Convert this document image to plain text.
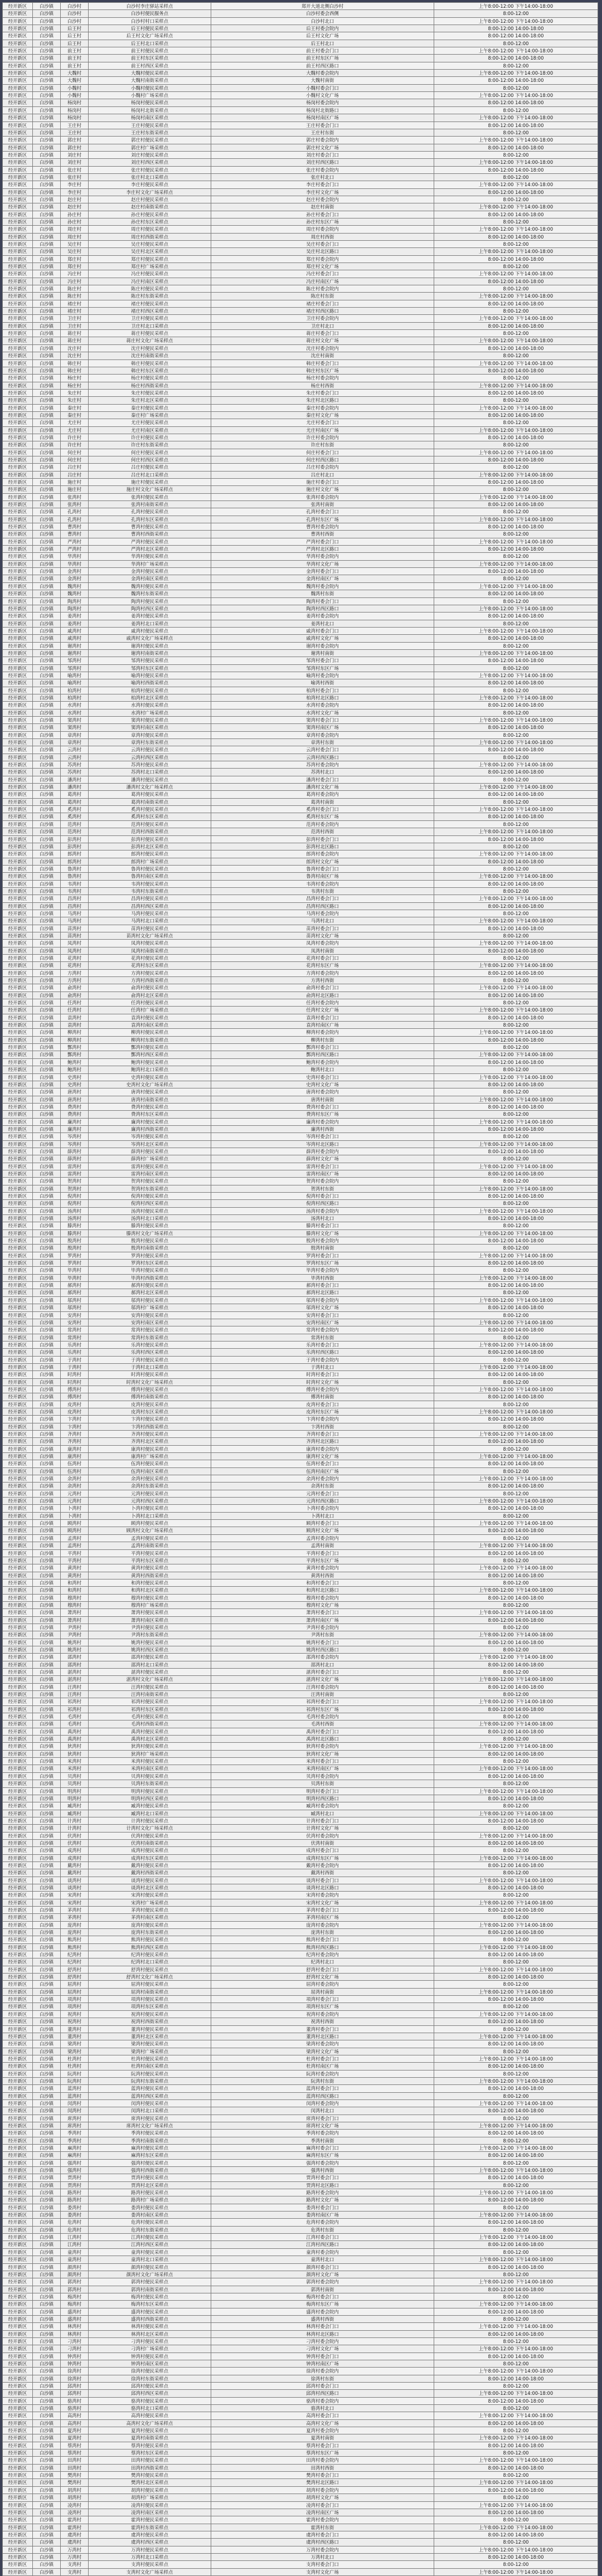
经开新区	白沙镇	白沙村	白沙村李庄驿站采样点	郑开大道北侧白沙村	上午8:00-12:00 下午14:00-18:00
经开新区	白沙镇	白沙村	白沙村便民服务点	白沙村委会西侧	8:00-12:00
经开新区	白沙镇	白沙村	白沙村村口采样点	白沙村北口	上午8:00-12:00 下午14:00-18:00
经开新区	白沙镇	后王村	后王村便民采样点	后王村委会院内	8:00-12:00 14:00-18:00
经开新区	白沙镇	后王村	后王村文化广场采样点	后王村文化广场	8:00-12:00 14:00-18:00
经开新区	白沙镇	后王村	后王村北口采样点	后王村北口	8:00-12:00
经开新区	白沙镇	前王村	前王村便民采样点	前王村委会门口	上午8:00-12:00 下午14:00-18:00
经开新区	白沙镇	前王村	前王村东区采样点	前王村东区广场	8:00-12:00 14:00-18:00
经开新区	白沙镇	前王村	前王村西区采样点	前王村西区路口	8:00-12:00
经开新区	白沙镇	大魏村	大魏村便民采样点	大魏村委会院内	上午8:00-12:00 下午14:00-18:00
经开新区	白沙镇	大魏村	大魏村南街采样点	大魏村南街	8:00-12:00 14:00-18:00
经开新区	白沙镇	小魏村	小魏村便民采样点	小魏村委会门口	8:00-12:00
经开新区	白沙镇	小魏村	小魏村广场采样点	小魏村文化广场	上午8:00-12:00 下午14:00-18:00
经开新区	白沙镇	杨岗村	杨岗村便民采样点	杨岗村委会院内	8:00-12:00 14:00-18:00
经开新区	白沙镇	杨岗村	杨岗村北街采样点	杨岗村北街路口	8:00-12:00
经开新区	白沙镇	杨岗村	杨岗村南区采样点	杨岗村南区广场	上午8:00-12:00 下午14:00-18:00
经开新区	白沙镇	王庄村	王庄村便民采样点	王庄村委会门口	8:00-12:00 14:00-18:00
经开新区	白沙镇	王庄村	王庄村东街采样点	王庄村东街	8:00-12:00
经开新区	白沙镇	郭庄村	郭庄村便民采样点	郭庄村委会院内	上午8:00-12:00 下午14:00-18:00
经开新区	白沙镇	郭庄村	郭庄村广场采样点	郭庄村文化广场	8:00-12:00 14:00-18:00
经开新区	白沙镇	刘庄村	刘庄村便民采样点	刘庄村委会门口	8:00-12:00
经开新区	白沙镇	刘庄村	刘庄村西区采样点	刘庄村西区路口	上午8:00-12:00 下午14:00-18:00
经开新区	白沙镇	张庄村	张庄村便民采样点	张庄村委会院内	8:00-12:00 14:00-18:00
经开新区	白沙镇	张庄村	张庄村北口采样点	张庄村北口	8:00-12:00
经开新区	白沙镇	李庄村	李庄村便民采样点	李庄村委会门口	上午8:00-12:00 下午14:00-18:00
经开新区	白沙镇	李庄村	李庄村文化广场采样点	李庄村文化广场	8:00-12:00 14:00-18:00
经开新区	白沙镇	赵庄村	赵庄村便民采样点	赵庄村委会院内	8:00-12:00
经开新区	白沙镇	赵庄村	赵庄村南街采样点	赵庄村南街	上午8:00-12:00 下午14:00-18:00
经开新区	白沙镇	孙庄村	孙庄村便民采样点	孙庄村委会门口	8:00-12:00 14:00-18:00
经开新区	白沙镇	孙庄村	孙庄村东区采样点	孙庄村东区广场	8:00-12:00
经开新区	白沙镇	周庄村	周庄村便民采样点	周庄村委会院内	上午8:00-12:00 下午14:00-18:00
经开新区	白沙镇	周庄村	周庄村西街采样点	周庄村西街	8:00-12:00 14:00-18:00
经开新区	白沙镇	吴庄村	吴庄村便民采样点	吴庄村委会门口	8:00-12:00
经开新区	白沙镇	吴庄村	吴庄村北区采样点	吴庄村北区路口	上午8:00-12:00 下午14:00-18:00
经开新区	白沙镇	郑庄村	郑庄村便民采样点	郑庄村委会院内	8:00-12:00 14:00-18:00
经开新区	白沙镇	郑庄村	郑庄村广场采样点	郑庄村文化广场	8:00-12:00
经开新区	白沙镇	冯庄村	冯庄村便民采样点	冯庄村委会门口	上午8:00-12:00 下午14:00-18:00
经开新区	白沙镇	冯庄村	冯庄村南区采样点	冯庄村南区广场	8:00-12:00 14:00-18:00
经开新区	白沙镇	陈庄村	陈庄村便民采样点	陈庄村委会院内	8:00-12:00
经开新区	白沙镇	陈庄村	陈庄村东街采样点	陈庄村东街	上午8:00-12:00 下午14:00-18:00
经开新区	白沙镇	褚庄村	褚庄村便民采样点	褚庄村委会门口	8:00-12:00 14:00-18:00
经开新区	白沙镇	褚庄村	褚庄村西区采样点	褚庄村西区路口	8:00-12:00
经开新区	白沙镇	卫庄村	卫庄村便民采样点	卫庄村委会院内	上午8:00-12:00 下午14:00-18:00
经开新区	白沙镇	卫庄村	卫庄村北口采样点	卫庄村北口	8:00-12:00 14:00-18:00
经开新区	白沙镇	蒋庄村	蒋庄村便民采样点	蒋庄村委会门口	8:00-12:00
经开新区	白沙镇	蒋庄村	蒋庄村文化广场采样点	蒋庄村文化广场	上午8:00-12:00 下午14:00-18:00
经开新区	白沙镇	沈庄村	沈庄村便民采样点	沈庄村委会院内	8:00-12:00 14:00-18:00
经开新区	白沙镇	沈庄村	沈庄村南街采样点	沈庄村南街	8:00-12:00
经开新区	白沙镇	韩庄村	韩庄村便民采样点	韩庄村委会门口	上午8:00-12:00 下午14:00-18:00
经开新区	白沙镇	韩庄村	韩庄村东区采样点	韩庄村东区广场	8:00-12:00 14:00-18:00
经开新区	白沙镇	杨庄村	杨庄村便民采样点	杨庄村委会院内	8:00-12:00
经开新区	白沙镇	杨庄村	杨庄村西街采样点	杨庄村西街	上午8:00-12:00 下午14:00-18:00
经开新区	白沙镇	朱庄村	朱庄村便民采样点	朱庄村委会门口	8:00-12:00 14:00-18:00
经开新区	白沙镇	朱庄村	朱庄村北区采样点	朱庄村北区路口	8:00-12:00
经开新区	白沙镇	秦庄村	秦庄村便民采样点	秦庄村委会院内	上午8:00-12:00 下午14:00-18:00
经开新区	白沙镇	秦庄村	秦庄村广场采样点	秦庄村文化广场	8:00-12:00 14:00-18:00
经开新区	白沙镇	尤庄村	尤庄村便民采样点	尤庄村委会门口	8:00-12:00
经开新区	白沙镇	尤庄村	尤庄村南区采样点	尤庄村南区广场	上午8:00-12:00 下午14:00-18:00
经开新区	白沙镇	许庄村	许庄村便民采样点	许庄村委会院内	8:00-12:00 14:00-18:00
经开新区	白沙镇	许庄村	许庄村东街采样点	许庄村东街	8:00-12:00
经开新区	白沙镇	何庄村	何庄村便民采样点	何庄村委会门口	上午8:00-12:00 下午14:00-18:00
经开新区	白沙镇	何庄村	何庄村西区采样点	何庄村西区路口	8:00-12:00 14:00-18:00
经开新区	白沙镇	吕庄村	吕庄村便民采样点	吕庄村委会院内	8:00-12:00
经开新区	白沙镇	吕庄村	吕庄村北口采样点	吕庄村北口	上午8:00-12:00 下午14:00-18:00
经开新区	白沙镇	施庄村	施庄村便民采样点	施庄村委会门口	8:00-12:00 14:00-18:00
经开新区	白沙镇	施庄村	施庄村文化广场采样点	施庄村文化广场	8:00-12:00
经开新区	白沙镇	张湾村	张湾村便民采样点	张湾村委会院内	上午8:00-12:00 下午14:00-18:00
经开新区	白沙镇	张湾村	张湾村南街采样点	张湾村南街	8:00-12:00 14:00-18:00
经开新区	白沙镇	孔湾村	孔湾村便民采样点	孔湾村委会门口	8:00-12:00
经开新区	白沙镇	孔湾村	孔湾村东区采样点	孔湾村东区广场	上午8:00-12:00 下午14:00-18:00
经开新区	白沙镇	曹湾村	曹湾村便民采样点	曹湾村委会院内	8:00-12:00 14:00-18:00
经开新区	白沙镇	曹湾村	曹湾村西街采样点	曹湾村西街	8:00-12:00
经开新区	白沙镇	严湾村	严湾村便民采样点	严湾村委会门口	上午8:00-12:00 下午14:00-18:00
经开新区	白沙镇	严湾村	严湾村北区采样点	严湾村北区路口	8:00-12:00 14:00-18:00
经开新区	白沙镇	华湾村	华湾村便民采样点	华湾村委会院内	8:00-12:00
经开新区	白沙镇	华湾村	华湾村广场采样点	华湾村文化广场	上午8:00-12:00 下午14:00-18:00
经开新区	白沙镇	金湾村	金湾村便民采样点	金湾村委会门口	8:00-12:00 14:00-18:00
经开新区	白沙镇	金湾村	金湾村南区采样点	金湾村南区广场	8:00-12:00
经开新区	白沙镇	魏湾村	魏湾村便民采样点	魏湾村委会院内	上午8:00-12:00 下午14:00-18:00
经开新区	白沙镇	魏湾村	魏湾村东街采样点	魏湾村东街	8:00-12:00 14:00-18:00
经开新区	白沙镇	陶湾村	陶湾村便民采样点	陶湾村委会门口	8:00-12:00
经开新区	白沙镇	陶湾村	陶湾村西区采样点	陶湾村西区路口	上午8:00-12:00 下午14:00-18:00
经开新区	白沙镇	姜湾村	姜湾村便民采样点	姜湾村委会院内	8:00-12:00 14:00-18:00
经开新区	白沙镇	姜湾村	姜湾村北口采样点	姜湾村北口	8:00-12:00
经开新区	白沙镇	戚湾村	戚湾村便民采样点	戚湾村委会门口	上午8:00-12:00 下午14:00-18:00
经开新区	白沙镇	戚湾村	戚湾村文化广场采样点	戚湾村文化广场	8:00-12:00 14:00-18:00
经开新区	白沙镇	谢湾村	谢湾村便民采样点	谢湾村委会院内	8:00-12:00
经开新区	白沙镇	谢湾村	谢湾村南街采样点	谢湾村南街	上午8:00-12:00 下午14:00-18:00
经开新区	白沙镇	邹湾村	邹湾村便民采样点	邹湾村委会门口	8:00-12:00 14:00-18:00
经开新区	白沙镇	邹湾村	邹湾村东区采样点	邹湾村东区广场	8:00-12:00
经开新区	白沙镇	喻湾村	喻湾村便民采样点	喻湾村委会院内	上午8:00-12:00 下午14:00-18:00
经开新区	白沙镇	喻湾村	喻湾村西街采样点	喻湾村西街	8:00-12:00 14:00-18:00
经开新区	白沙镇	柏湾村	柏湾村便民采样点	柏湾村委会门口	8:00-12:00
经开新区	白沙镇	柏湾村	柏湾村北区采样点	柏湾村北区路口	上午8:00-12:00 下午14:00-18:00
经开新区	白沙镇	水湾村	水湾村便民采样点	水湾村委会院内	8:00-12:00 14:00-18:00
经开新区	白沙镇	水湾村	水湾村广场采样点	水湾村文化广场	8:00-12:00
经开新区	白沙镇	窦湾村	窦湾村便民采样点	窦湾村委会门口	上午8:00-12:00 下午14:00-18:00
经开新区	白沙镇	窦湾村	窦湾村南区采样点	窦湾村南区广场	8:00-12:00 14:00-18:00
经开新区	白沙镇	章湾村	章湾村便民采样点	章湾村委会院内	8:00-12:00
经开新区	白沙镇	章湾村	章湾村东街采样点	章湾村东街	上午8:00-12:00 下午14:00-18:00
经开新区	白沙镇	云湾村	云湾村便民采样点	云湾村委会门口	8:00-12:00 14:00-18:00
经开新区	白沙镇	云湾村	云湾村西区采样点	云湾村西区路口	8:00-12:00
经开新区	白沙镇	苏湾村	苏湾村便民采样点	苏湾村委会院内	上午8:00-12:00 下午14:00-18:00
经开新区	白沙镇	苏湾村	苏湾村北口采样点	苏湾村北口	8:00-12:00 14:00-18:00
经开新区	白沙镇	潘湾村	潘湾村便民采样点	潘湾村委会门口	8:00-12:00
经开新区	白沙镇	潘湾村	潘湾村文化广场采样点	潘湾村文化广场	上午8:00-12:00 下午14:00-18:00
经开新区	白沙镇	葛湾村	葛湾村便民采样点	葛湾村委会院内	8:00-12:00 14:00-18:00
经开新区	白沙镇	葛湾村	葛湾村南街采样点	葛湾村南街	8:00-12:00
经开新区	白沙镇	奚湾村	奚湾村便民采样点	奚湾村委会门口	上午8:00-12:00 下午14:00-18:00
经开新区	白沙镇	奚湾村	奚湾村东区采样点	奚湾村东区广场	8:00-12:00 14:00-18:00
经开新区	白沙镇	范湾村	范湾村便民采样点	范湾村委会院内	8:00-12:00
经开新区	白沙镇	范湾村	范湾村西街采样点	范湾村西街	上午8:00-12:00 下午14:00-18:00
经开新区	白沙镇	彭湾村	彭湾村便民采样点	彭湾村委会门口	8:00-12:00 14:00-18:00
经开新区	白沙镇	彭湾村	彭湾村北区采样点	彭湾村北区路口	8:00-12:00
经开新区	白沙镇	郎湾村	郎湾村便民采样点	郎湾村委会院内	上午8:00-12:00 下午14:00-18:00
经开新区	白沙镇	郎湾村	郎湾村广场采样点	郎湾村文化广场	8:00-12:00 14:00-18:00
经开新区	白沙镇	鲁湾村	鲁湾村便民采样点	鲁湾村委会门口	8:00-12:00
经开新区	白沙镇	鲁湾村	鲁湾村南区采样点	鲁湾村南区广场	上午8:00-12:00 下午14:00-18:00
经开新区	白沙镇	韦湾村	韦湾村便民采样点	韦湾村委会院内	8:00-12:00 14:00-18:00
经开新区	白沙镇	韦湾村	韦湾村东街采样点	韦湾村东街	8:00-12:00
经开新区	白沙镇	昌湾村	昌湾村便民采样点	昌湾村委会门口	上午8:00-12:00 下午14:00-18:00
经开新区	白沙镇	昌湾村	昌湾村西区采样点	昌湾村西区路口	8:00-12:00 14:00-18:00
经开新区	白沙镇	马湾村	马湾村便民采样点	马湾村委会院内	8:00-12:00
经开新区	白沙镇	马湾村	马湾村北口采样点	马湾村北口	上午8:00-12:00 下午14:00-18:00
经开新区	白沙镇	苗湾村	苗湾村便民采样点	苗湾村委会门口	8:00-12:00 14:00-18:00
经开新区	白沙镇	苗湾村	苗湾村文化广场采样点	苗湾村文化广场	8:00-12:00
经开新区	白沙镇	凤湾村	凤湾村便民采样点	凤湾村委会院内	上午8:00-12:00 下午14:00-18:00
经开新区	白沙镇	凤湾村	凤湾村南街采样点	凤湾村南街	8:00-12:00 14:00-18:00
经开新区	白沙镇	花湾村	花湾村便民采样点	花湾村委会门口	8:00-12:00
经开新区	白沙镇	花湾村	花湾村东区采样点	花湾村东区广场	上午8:00-12:00 下午14:00-18:00
经开新区	白沙镇	方湾村	方湾村便民采样点	方湾村委会院内	8:00-12:00 14:00-18:00
经开新区	白沙镇	方湾村	方湾村西街采样点	方湾村西街	8:00-12:00
经开新区	白沙镇	俞湾村	俞湾村便民采样点	俞湾村委会门口	上午8:00-12:00 下午14:00-18:00
经开新区	白沙镇	俞湾村	俞湾村北区采样点	俞湾村北区路口	8:00-12:00 14:00-18:00
经开新区	白沙镇	任湾村	任湾村便民采样点	任湾村委会院内	8:00-12:00
经开新区	白沙镇	任湾村	任湾村广场采样点	任湾村文化广场	上午8:00-12:00 下午14:00-18:00
经开新区	白沙镇	袁湾村	袁湾村便民采样点	袁湾村委会门口	8:00-12:00 14:00-18:00
经开新区	白沙镇	袁湾村	袁湾村南区采样点	袁湾村南区广场	8:00-12:00
经开新区	白沙镇	柳湾村	柳湾村便民采样点	柳湾村委会院内	上午8:00-12:00 下午14:00-18:00
经开新区	白沙镇	柳湾村	柳湾村东街采样点	柳湾村东街	8:00-12:00 14:00-18:00
经开新区	白沙镇	酆湾村	酆湾村便民采样点	酆湾村委会门口	8:00-12:00
经开新区	白沙镇	酆湾村	酆湾村西区采样点	酆湾村西区路口	上午8:00-12:00 下午14:00-18:00
经开新区	白沙镇	鲍湾村	鲍湾村便民采样点	鲍湾村委会院内	8:00-12:00 14:00-18:00
经开新区	白沙镇	鲍湾村	鲍湾村北口采样点	鲍湾村北口	8:00-12:00
经开新区	白沙镇	史湾村	史湾村便民采样点	史湾村委会门口	上午8:00-12:00 下午14:00-18:00
经开新区	白沙镇	史湾村	史湾村文化广场采样点	史湾村文化广场	8:00-12:00 14:00-18:00
经开新区	白沙镇	唐湾村	唐湾村便民采样点	唐湾村委会院内	8:00-12:00
经开新区	白沙镇	唐湾村	唐湾村南街采样点	唐湾村南街	上午8:00-12:00 下午14:00-18:00
经开新区	白沙镇	费湾村	费湾村便民采样点	费湾村委会门口	8:00-12:00 14:00-18:00
经开新区	白沙镇	费湾村	费湾村东区采样点	费湾村东区广场	8:00-12:00
经开新区	白沙镇	廉湾村	廉湾村便民采样点	廉湾村委会院内	上午8:00-12:00 下午14:00-18:00
经开新区	白沙镇	廉湾村	廉湾村西街采样点	廉湾村西街	8:00-12:00 14:00-18:00
经开新区	白沙镇	岑湾村	岑湾村便民采样点	岑湾村委会门口	8:00-12:00
经开新区	白沙镇	岑湾村	岑湾村北区采样点	岑湾村北区路口	上午8:00-12:00 下午14:00-18:00
经开新区	白沙镇	薛湾村	薛湾村便民采样点	薛湾村委会院内	8:00-12:00 14:00-18:00
经开新区	白沙镇	薛湾村	薛湾村广场采样点	薛湾村文化广场	8:00-12:00
经开新区	白沙镇	雷湾村	雷湾村便民采样点	雷湾村委会门口	上午8:00-12:00 下午14:00-18:00
经开新区	白沙镇	雷湾村	雷湾村南区采样点	雷湾村南区广场	8:00-12:00 14:00-18:00
经开新区	白沙镇	贺湾村	贺湾村便民采样点	贺湾村委会院内	8:00-12:00
经开新区	白沙镇	贺湾村	贺湾村东街采样点	贺湾村东街	上午8:00-12:00 下午14:00-18:00
经开新区	白沙镇	倪湾村	倪湾村便民采样点	倪湾村委会门口	8:00-12:00 14:00-18:00
经开新区	白沙镇	倪湾村	倪湾村西区采样点	倪湾村西区路口	8:00-12:00
经开新区	白沙镇	汤湾村	汤湾村便民采样点	汤湾村委会院内	上午8:00-12:00 下午14:00-18:00
经开新区	白沙镇	汤湾村	汤湾村北口采样点	汤湾村北口	8:00-12:00 14:00-18:00
经开新区	白沙镇	滕湾村	滕湾村便民采样点	滕湾村委会门口	8:00-12:00
经开新区	白沙镇	滕湾村	滕湾村文化广场采样点	滕湾村文化广场	上午8:00-12:00 下午14:00-18:00
经开新区	白沙镇	殷湾村	殷湾村便民采样点	殷湾村委会院内	8:00-12:00 14:00-18:00
经开新区	白沙镇	殷湾村	殷湾村南街采样点	殷湾村南街	8:00-12:00
经开新区	白沙镇	罗湾村	罗湾村便民采样点	罗湾村委会门口	上午8:00-12:00 下午14:00-18:00
经开新区	白沙镇	罗湾村	罗湾村东区采样点	罗湾村东区广场	8:00-12:00 14:00-18:00
经开新区	白沙镇	毕湾村	毕湾村便民采样点	毕湾村委会院内	8:00-12:00
经开新区	白沙镇	毕湾村	毕湾村西街采样点	毕湾村西街	上午8:00-12:00 下午14:00-18:00
经开新区	白沙镇	郝湾村	郝湾村便民采样点	郝湾村委会门口	8:00-12:00 14:00-18:00
经开新区	白沙镇	郝湾村	郝湾村北区采样点	郝湾村北区路口	8:00-12:00
经开新区	白沙镇	邬湾村	邬湾村便民采样点	邬湾村委会院内	上午8:00-12:00 下午14:00-18:00
经开新区	白沙镇	邬湾村	邬湾村广场采样点	邬湾村文化广场	8:00-12:00 14:00-18:00
经开新区	白沙镇	安湾村	安湾村便民采样点	安湾村委会门口	8:00-12:00
经开新区	白沙镇	安湾村	安湾村南区采样点	安湾村南区广场	上午8:00-12:00 下午14:00-18:00
经开新区	白沙镇	常湾村	常湾村便民采样点	常湾村委会院内	8:00-12:00 14:00-18:00
经开新区	白沙镇	常湾村	常湾村东街采样点	常湾村东街	8:00-12:00
经开新区	白沙镇	乐湾村	乐湾村便民采样点	乐湾村委会门口	上午8:00-12:00 下午14:00-18:00
经开新区	白沙镇	乐湾村	乐湾村西区采样点	乐湾村西区路口	8:00-12:00 14:00-18:00
经开新区	白沙镇	于湾村	于湾村便民采样点	于湾村委会院内	8:00-12:00
经开新区	白沙镇	于湾村	于湾村北口采样点	于湾村北口	上午8:00-12:00 下午14:00-18:00
经开新区	白沙镇	时湾村	时湾村便民采样点	时湾村委会门口	8:00-12:00 14:00-18:00
经开新区	白沙镇	时湾村	时湾村文化广场采样点	时湾村文化广场	8:00-12:00
经开新区	白沙镇	傅湾村	傅湾村便民采样点	傅湾村委会院内	上午8:00-12:00 下午14:00-18:00
经开新区	白沙镇	傅湾村	傅湾村南街采样点	傅湾村南街	8:00-12:00 14:00-18:00
经开新区	白沙镇	皮湾村	皮湾村便民采样点	皮湾村委会门口	8:00-12:00
经开新区	白沙镇	皮湾村	皮湾村东区采样点	皮湾村东区广场	上午8:00-12:00 下午14:00-18:00
经开新区	白沙镇	卞湾村	卞湾村便民采样点	卞湾村委会院内	8:00-12:00 14:00-18:00
经开新区	白沙镇	卞湾村	卞湾村西街采样点	卞湾村西街	8:00-12:00
经开新区	白沙镇	齐湾村	齐湾村便民采样点	齐湾村委会门口	上午8:00-12:00 下午14:00-18:00
经开新区	白沙镇	齐湾村	齐湾村北区采样点	齐湾村北区路口	8:00-12:00 14:00-18:00
经开新区	白沙镇	康湾村	康湾村便民采样点	康湾村委会院内	8:00-12:00
经开新区	白沙镇	康湾村	康湾村广场采样点	康湾村文化广场	上午8:00-12:00 下午14:00-18:00
经开新区	白沙镇	伍湾村	伍湾村便民采样点	伍湾村委会门口	8:00-12:00 14:00-18:00
经开新区	白沙镇	伍湾村	伍湾村南区采样点	伍湾村南区广场	8:00-12:00
经开新区	白沙镇	余湾村	余湾村便民采样点	余湾村委会院内	上午8:00-12:00 下午14:00-18:00
经开新区	白沙镇	余湾村	余湾村东街采样点	余湾村东街	8:00-12:00 14:00-18:00
经开新区	白沙镇	元湾村	元湾村便民采样点	元湾村委会门口	8:00-12:00
经开新区	白沙镇	元湾村	元湾村西区采样点	元湾村西区路口	上午8:00-12:00 下午14:00-18:00
经开新区	白沙镇	卜湾村	卜湾村便民采样点	卜湾村委会院内	8:00-12:00 14:00-18:00
经开新区	白沙镇	卜湾村	卜湾村北口采样点	卜湾村北口	8:00-12:00
经开新区	白沙镇	顾湾村	顾湾村便民采样点	顾湾村委会门口	上午8:00-12:00 下午14:00-18:00
经开新区	白沙镇	顾湾村	顾湾村文化广场采样点	顾湾村文化广场	8:00-12:00 14:00-18:00
经开新区	白沙镇	孟湾村	孟湾村便民采样点	孟湾村委会院内	8:00-12:00
经开新区	白沙镇	孟湾村	孟湾村南街采样点	孟湾村南街	上午8:00-12:00 下午14:00-18:00
经开新区	白沙镇	平湾村	平湾村便民采样点	平湾村委会门口	8:00-12:00 14:00-18:00
经开新区	白沙镇	平湾村	平湾村东区采样点	平湾村东区广场	8:00-12:00
经开新区	白沙镇	黄湾村	黄湾村便民采样点	黄湾村委会院内	上午8:00-12:00 下午14:00-18:00
经开新区	白沙镇	黄湾村	黄湾村西街采样点	黄湾村西街	8:00-12:00 14:00-18:00
经开新区	白沙镇	和湾村	和湾村便民采样点	和湾村委会门口	8:00-12:00
经开新区	白沙镇	和湾村	和湾村北区采样点	和湾村北区路口	上午8:00-12:00 下午14:00-18:00
经开新区	白沙镇	穆湾村	穆湾村便民采样点	穆湾村委会院内	8:00-12:00 14:00-18:00
经开新区	白沙镇	穆湾村	穆湾村广场采样点	穆湾村文化广场	8:00-12:00
经开新区	白沙镇	萧湾村	萧湾村便民采样点	萧湾村委会门口	上午8:00-12:00 下午14:00-18:00
经开新区	白沙镇	萧湾村	萧湾村南区采样点	萧湾村南区广场	8:00-12:00 14:00-18:00
经开新区	白沙镇	尹湾村	尹湾村便民采样点	尹湾村委会院内	8:00-12:00
经开新区	白沙镇	尹湾村	尹湾村东街采样点	尹湾村东街	上午8:00-12:00 下午14:00-18:00
经开新区	白沙镇	姚湾村	姚湾村便民采样点	姚湾村委会门口	8:00-12:00 14:00-18:00
经开新区	白沙镇	姚湾村	姚湾村西区采样点	姚湾村西区路口	8:00-12:00
经开新区	白沙镇	邵湾村	邵湾村便民采样点	邵湾村委会院内	上午8:00-12:00 下午14:00-18:00
经开新区	白沙镇	邵湾村	邵湾村北口采样点	邵湾村北口	8:00-12:00 14:00-18:00
经开新区	白沙镇	湛湾村	湛湾村便民采样点	湛湾村委会门口	8:00-12:00
经开新区	白沙镇	湛湾村	湛湾村文化广场采样点	湛湾村文化广场	上午8:00-12:00 下午14:00-18:00
经开新区	白沙镇	汪湾村	汪湾村便民采样点	汪湾村委会院内	8:00-12:00 14:00-18:00
经开新区	白沙镇	汪湾村	汪湾村南街采样点	汪湾村南街	8:00-12:00
经开新区	白沙镇	祁湾村	祁湾村便民采样点	祁湾村委会门口	上午8:00-12:00 下午14:00-18:00
经开新区	白沙镇	祁湾村	祁湾村东区采样点	祁湾村东区广场	8:00-12:00 14:00-18:00
经开新区	白沙镇	毛湾村	毛湾村便民采样点	毛湾村委会院内	8:00-12:00
经开新区	白沙镇	毛湾村	毛湾村西街采样点	毛湾村西街	上午8:00-12:00 下午14:00-18:00
经开新区	白沙镇	禹湾村	禹湾村便民采样点	禹湾村委会门口	8:00-12:00 14:00-18:00
经开新区	白沙镇	禹湾村	禹湾村北区采样点	禹湾村北区路口	8:00-12:00
经开新区	白沙镇	狄湾村	狄湾村便民采样点	狄湾村委会院内	上午8:00-12:00 下午14:00-18:00
经开新区	白沙镇	狄湾村	狄湾村广场采样点	狄湾村文化广场	8:00-12:00 14:00-18:00
经开新区	白沙镇	米湾村	米湾村便民采样点	米湾村委会门口	8:00-12:00
经开新区	白沙镇	米湾村	米湾村南区采样点	米湾村南区广场	上午8:00-12:00 下午14:00-18:00
经开新区	白沙镇	贝湾村	贝湾村便民采样点	贝湾村委会院内	8:00-12:00 14:00-18:00
经开新区	白沙镇	贝湾村	贝湾村东街采样点	贝湾村东街	8:00-12:00
经开新区	白沙镇	明湾村	明湾村便民采样点	明湾村委会门口	上午8:00-12:00 下午14:00-18:00
经开新区	白沙镇	明湾村	明湾村西区采样点	明湾村西区路口	8:00-12:00 14:00-18:00
经开新区	白沙镇	臧湾村	臧湾村便民采样点	臧湾村委会院内	8:00-12:00
经开新区	白沙镇	臧湾村	臧湾村北口采样点	臧湾村北口	上午8:00-12:00 下午14:00-18:00
经开新区	白沙镇	计湾村	计湾村便民采样点	计湾村委会门口	8:00-12:00 14:00-18:00
经开新区	白沙镇	计湾村	计湾村文化广场采样点	计湾村文化广场	8:00-12:00
经开新区	白沙镇	伏湾村	伏湾村便民采样点	伏湾村委会院内	上午8:00-12:00 下午14:00-18:00
经开新区	白沙镇	伏湾村	伏湾村南街采样点	伏湾村南街	8:00-12:00 14:00-18:00
经开新区	白沙镇	成湾村	成湾村便民采样点	成湾村委会门口	8:00-12:00
经开新区	白沙镇	成湾村	成湾村东区采样点	成湾村东区广场	上午8:00-12:00 下午14:00-18:00
经开新区	白沙镇	戴湾村	戴湾村便民采样点	戴湾村委会院内	8:00-12:00 14:00-18:00
经开新区	白沙镇	戴湾村	戴湾村西街采样点	戴湾村西街	8:00-12:00
经开新区	白沙镇	谈湾村	谈湾村便民采样点	谈湾村委会门口	上午8:00-12:00 下午14:00-18:00
经开新区	白沙镇	谈湾村	谈湾村北区采样点	谈湾村北区路口	8:00-12:00 14:00-18:00
经开新区	白沙镇	宋湾村	宋湾村便民采样点	宋湾村委会院内	8:00-12:00
经开新区	白沙镇	宋湾村	宋湾村广场采样点	宋湾村文化广场	上午8:00-12:00 下午14:00-18:00
经开新区	白沙镇	茅湾村	茅湾村便民采样点	茅湾村委会门口	8:00-12:00 14:00-18:00
经开新区	白沙镇	茅湾村	茅湾村南区采样点	茅湾村南区广场	8:00-12:00
经开新区	白沙镇	庞湾村	庞湾村便民采样点	庞湾村委会院内	上午8:00-12:00 下午14:00-18:00
经开新区	白沙镇	庞湾村	庞湾村东街采样点	庞湾村东街	8:00-12:00 14:00-18:00
经开新区	白沙镇	熊湾村	熊湾村便民采样点	熊湾村委会门口	8:00-12:00
经开新区	白沙镇	熊湾村	熊湾村西区采样点	熊湾村西区路口	上午8:00-12:00 下午14:00-18:00
经开新区	白沙镇	纪湾村	纪湾村便民采样点	纪湾村委会院内	8:00-12:00 14:00-18:00
经开新区	白沙镇	纪湾村	纪湾村北口采样点	纪湾村北口	8:00-12:00
经开新区	白沙镇	舒湾村	舒湾村便民采样点	舒湾村委会门口	上午8:00-12:00 下午14:00-18:00
经开新区	白沙镇	舒湾村	舒湾村文化广场采样点	舒湾村文化广场	8:00-12:00 14:00-18:00
经开新区	白沙镇	屈湾村	屈湾村便民采样点	屈湾村委会院内	8:00-12:00
经开新区	白沙镇	屈湾村	屈湾村南街采样点	屈湾村南街	上午8:00-12:00 下午14:00-18:00
经开新区	白沙镇	项湾村	项湾村便民采样点	项湾村委会门口	8:00-12:00 14:00-18:00
经开新区	白沙镇	项湾村	项湾村东区采样点	项湾村东区广场	8:00-12:00
经开新区	白沙镇	祝湾村	祝湾村便民采样点	祝湾村委会院内	上午8:00-12:00 下午14:00-18:00
经开新区	白沙镇	祝湾村	祝湾村西街采样点	祝湾村西街	8:00-12:00 14:00-18:00
经开新区	白沙镇	董湾村	董湾村便民采样点	董湾村委会门口	8:00-12:00
经开新区	白沙镇	董湾村	董湾村北区采样点	董湾村北区路口	上午8:00-12:00 下午14:00-18:00
经开新区	白沙镇	梁湾村	梁湾村便民采样点	梁湾村委会院内	8:00-12:00 14:00-18:00
经开新区	白沙镇	梁湾村	梁湾村广场采样点	梁湾村文化广场	8:00-12:00
经开新区	白沙镇	杜湾村	杜湾村便民采样点	杜湾村委会门口	上午8:00-12:00 下午14:00-18:00
经开新区	白沙镇	杜湾村	杜湾村南区采样点	杜湾村南区广场	8:00-12:00 14:00-18:00
经开新区	白沙镇	阮湾村	阮湾村便民采样点	阮湾村委会院内	8:00-12:00
经开新区	白沙镇	阮湾村	阮湾村东街采样点	阮湾村东街	上午8:00-12:00 下午14:00-18:00
经开新区	白沙镇	蓝湾村	蓝湾村便民采样点	蓝湾村委会门口	8:00-12:00 14:00-18:00
经开新区	白沙镇	蓝湾村	蓝湾村西区采样点	蓝湾村西区路口	8:00-12:00
经开新区	白沙镇	闵湾村	闵湾村便民采样点	闵湾村委会院内	上午8:00-12:00 下午14:00-18:00
经开新区	白沙镇	闵湾村	闵湾村北口采样点	闵湾村北口	8:00-12:00 14:00-18:00
经开新区	白沙镇	席湾村	席湾村便民采样点	席湾村委会门口	8:00-12:00
经开新区	白沙镇	席湾村	席湾村文化广场采样点	席湾村文化广场	上午8:00-12:00 下午14:00-18:00
经开新区	白沙镇	季湾村	季湾村便民采样点	季湾村委会院内	8:00-12:00 14:00-18:00
经开新区	白沙镇	季湾村	季湾村南街采样点	季湾村南街	8:00-12:00
经开新区	白沙镇	麻湾村	麻湾村便民采样点	麻湾村委会门口	上午8:00-12:00 下午14:00-18:00
经开新区	白沙镇	麻湾村	麻湾村东区采样点	麻湾村东区广场	8:00-12:00 14:00-18:00
经开新区	白沙镇	强湾村	强湾村便民采样点	强湾村委会院内	8:00-12:00
经开新区	白沙镇	强湾村	强湾村西街采样点	强湾村西街	上午8:00-12:00 下午14:00-18:00
经开新区	白沙镇	贾湾村	贾湾村便民采样点	贾湾村委会门口	8:00-12:00 14:00-18:00
经开新区	白沙镇	贾湾村	贾湾村北区采样点	贾湾村北区路口	8:00-12:00
经开新区	白沙镇	路湾村	路湾村便民采样点	路湾村委会院内	上午8:00-12:00 下午14:00-18:00
经开新区	白沙镇	路湾村	路湾村广场采样点	路湾村文化广场	8:00-12:00 14:00-18:00
经开新区	白沙镇	娄湾村	娄湾村便民采样点	娄湾村委会门口	8:00-12:00
经开新区	白沙镇	娄湾村	娄湾村南区采样点	娄湾村南区广场	上午8:00-12:00 下午14:00-18:00
经开新区	白沙镇	危湾村	危湾村便民采样点	危湾村委会院内	8:00-12:00 14:00-18:00
经开新区	白沙镇	危湾村	危湾村东街采样点	危湾村东街	8:00-12:00
经开新区	白沙镇	江湾村	江湾村便民采样点	江湾村委会门口	上午8:00-12:00 下午14:00-18:00
经开新区	白沙镇	江湾村	江湾村西区采样点	江湾村西区路口	8:00-12:00 14:00-18:00
经开新区	白沙镇	童湾村	童湾村便民采样点	童湾村委会院内	8:00-12:00
经开新区	白沙镇	童湾村	童湾村北口采样点	童湾村北口	上午8:00-12:00 下午14:00-18:00
经开新区	白沙镇	颜湾村	颜湾村便民采样点	颜湾村委会门口	8:00-12:00 14:00-18:00
经开新区	白沙镇	颜湾村	颜湾村文化广场采样点	颜湾村文化广场	8:00-12:00
经开新区	白沙镇	郭湾村	郭湾村便民采样点	郭湾村委会院内	上午8:00-12:00 下午14:00-18:00
经开新区	白沙镇	郭湾村	郭湾村南街采样点	郭湾村南街	8:00-12:00 14:00-18:00
经开新区	白沙镇	梅湾村	梅湾村便民采样点	梅湾村委会门口	8:00-12:00
经开新区	白沙镇	梅湾村	梅湾村东区采样点	梅湾村东区广场	上午8:00-12:00 下午14:00-18:00
经开新区	白沙镇	盛湾村	盛湾村便民采样点	盛湾村委会院内	8:00-12:00 14:00-18:00
经开新区	白沙镇	盛湾村	盛湾村西街采样点	盛湾村西街	8:00-12:00
经开新区	白沙镇	林湾村	林湾村便民采样点	林湾村委会门口	上午8:00-12:00 下午14:00-18:00
经开新区	白沙镇	林湾村	林湾村北区采样点	林湾村北区路口	8:00-12:00 14:00-18:00
经开新区	白沙镇	刁湾村	刁湾村便民采样点	刁湾村委会院内	8:00-12:00
经开新区	白沙镇	刁湾村	刁湾村广场采样点	刁湾村文化广场	上午8:00-12:00 下午14:00-18:00
经开新区	白沙镇	钟湾村	钟湾村便民采样点	钟湾村委会门口	8:00-12:00 14:00-18:00
经开新区	白沙镇	钟湾村	钟湾村南区采样点	钟湾村南区广场	8:00-12:00
经开新区	白沙镇	徐湾村	徐湾村便民采样点	徐湾村委会院内	上午8:00-12:00 下午14:00-18:00
经开新区	白沙镇	徐湾村	徐湾村东街采样点	徐湾村东街	8:00-12:00 14:00-18:00
经开新区	白沙镇	邱湾村	邱湾村便民采样点	邱湾村委会门口	8:00-12:00
经开新区	白沙镇	邱湾村	邱湾村西区采样点	邱湾村西区路口	上午8:00-12:00 下午14:00-18:00
经开新区	白沙镇	骆湾村	骆湾村便民采样点	骆湾村委会院内	8:00-12:00 14:00-18:00
经开新区	白沙镇	骆湾村	骆湾村北口采样点	骆湾村北口	8:00-12:00
经开新区	白沙镇	高湾村	高湾村便民采样点	高湾村委会门口	上午8:00-12:00 下午14:00-18:00
经开新区	白沙镇	高湾村	高湾村文化广场采样点	高湾村文化广场	8:00-12:00 14:00-18:00
经开新区	白沙镇	夏湾村	夏湾村便民采样点	夏湾村委会院内	8:00-12:00
经开新区	白沙镇	夏湾村	夏湾村南街采样点	夏湾村南街	上午8:00-12:00 下午14:00-18:00
经开新区	白沙镇	蔡湾村	蔡湾村便民采样点	蔡湾村委会门口	8:00-12:00 14:00-18:00
经开新区	白沙镇	蔡湾村	蔡湾村东区采样点	蔡湾村东区广场	8:00-12:00
经开新区	白沙镇	田湾村	田湾村便民采样点	田湾村委会院内	上午8:00-12:00 下午14:00-18:00
经开新区	白沙镇	田湾村	田湾村西街采样点	田湾村西街	8:00-12:00 14:00-18:00
经开新区	白沙镇	樊湾村	樊湾村便民采样点	樊湾村委会门口	8:00-12:00
经开新区	白沙镇	樊湾村	樊湾村北区采样点	樊湾村北区路口	上午8:00-12:00 下午14:00-18:00
经开新区	白沙镇	胡湾村	胡湾村便民采样点	胡湾村委会院内	8:00-12:00 14:00-18:00
经开新区	白沙镇	胡湾村	胡湾村广场采样点	胡湾村文化广场	8:00-12:00
经开新区	白沙镇	凌湾村	凌湾村便民采样点	凌湾村委会门口	上午8:00-12:00 下午14:00-18:00
经开新区	白沙镇	凌湾村	凌湾村南区采样点	凌湾村南区广场	8:00-12:00 14:00-18:00
经开新区	白沙镇	霍湾村	霍湾村便民采样点	霍湾村委会院内	8:00-12:00
经开新区	白沙镇	霍湾村	霍湾村东街采样点	霍湾村东街	上午8:00-12:00 下午14:00-18:00
经开新区	白沙镇	虞湾村	虞湾村便民采样点	虞湾村委会门口	8:00-12:00 14:00-18:00
经开新区	白沙镇	虞湾村	虞湾村西区采样点	虞湾村西区路口	8:00-12:00
经开新区	白沙镇	万湾村	万湾村便民采样点	万湾村委会院内	上午8:00-12:00 下午14:00-18:00
经开新区	白沙镇	万湾村	万湾村北口采样点	万湾村北口	8:00-12:00 14:00-18:00
经开新区	白沙镇	支湾村	支湾村便民采样点	支湾村委会门口	8:00-12:00
经开新区	白沙镇	支湾村	支湾村文化广场采样点	支湾村文化广场	上午8:00-12:00 下午14:00-18:00
